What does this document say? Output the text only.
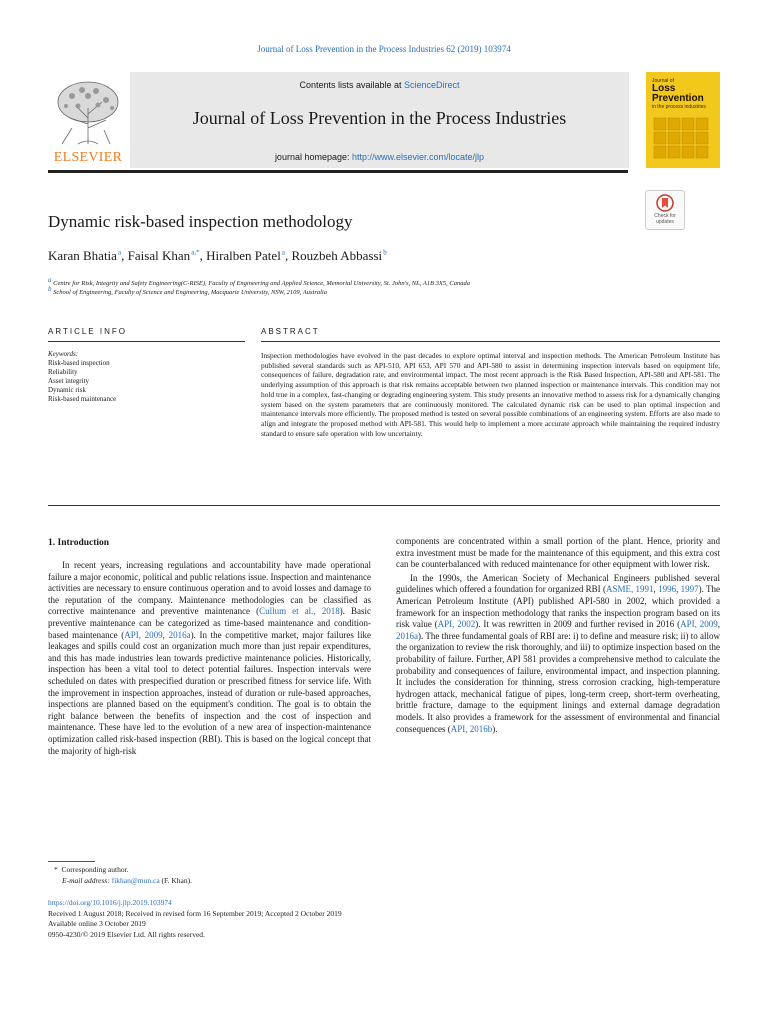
Journal of Loss Prevention in the Process Industries 62 (2019) 103974
ELSEVIER
Contents lists available at ScienceDirect
Journal of Loss Prevention in the Process Industries
journal homepage: http://www.elsevier.com/locate/jlp
Journal of
Loss Prevention
in the process industries
Check for updates
Dynamic risk-based inspection methodology
Karan Bhatia $^a$, Faisal Khan $^{a,*}$, Hiralben Patel $^a$, Rouzbeh Abbassi $^b$
$^a$ Centre for Risk, Integrity and Safety Engineering(C-RISE), Faculty of Engineering and Applied Science, Memorial University, St. John's, NL, A1B 3X5, Canada
$^b$ School of Engineering, Faculty of Science and Engineering, Macquarie University, NSW, 2109, Australia
ARTICLE INFO	ABSTRACT
Keywords:
Risk-based inspection
Reliability
Asset integrity
Dynamic risk
Risk-based maintenance
Inspection methodologies have evolved in the past decades to explore optimal interval and inspection methods. The American Petroleum Institute has published several standards such as API-510, API 653, API 570 and API-580 to assist in determining inspection intervals based on equipment life, consequences of failure, degradation rate, and environmental impact. The most recent approach is the Risk Based Inspection, API-580 and API-581. The underlying assumption of this approach is that risk remains acceptable between two planned inspection or maintenance intervals. This condition may not hold true in a complex, fast-changing or degrading engineering system. This study presents an innovative method to assess risk for a dynamically changing system based on the system parameters that are continuously monitored. The calculated dynamic risk can be used to plan optimal inspection and maintenance intervals more efficiently. The proposed method is tested on several possible combinations of an engineering system. Efforts are also made to align and integrate the proposed method with API-581. This would help to implement a more accurate approach while maintaining the required industry standard to ensure safe operation with low uncertainty.
1. Introduction

In recent years, increasing regulations and accountability have made operational failure a major economic, political and public relations issue. Inspection and maintenance activities are necessary to ensure continuous operation and to avoid losses and damage to the reputation of the company. Maintenance methodologies can be classified as corrective maintenance and preventive maintenance (Cullum et al., 2018). Basic preventive maintenance can be categorized as time-based maintenance and condition-based maintenance (API, 2009, 2016a). In the competitive market, major failures like leakages and spills could cost an organization much more than just repair expenditures, and this has made industries lean towards predictive maintenance policies. Historically, inspection has been a vital tool to detect potential failures. Inspection intervals were scheduled on dates with prespecified duration or prescribed fitness for service life. With the improvement in inspection approaches, instead of duration or rule-based approaches, inspections are planned based on the equipment's condition. The goal is to obtain the right balance between the benefits of inspection and the cost of inspection and maintenance. These have led to the evolution of a new area of inspection-maintenance optimization called risk-based inspection (RBI). This is based on the logical concept that the majority of high-risk

components are concentrated within a small portion of the plant. Hence, priority and extra investment must be made for the maintenance of this equipment, and this extra cost can be counterbalanced with reduced maintenance for other equipment with lower risk.

In the 1990s, the American Society of Mechanical Engineers published several guidelines which offered a foundation for organized RBI (ASME, 1991, 1996, 1997). The American Petroleum Institute (API) published API-580 in 2002, which provided a framework for an inspection methodology that ranks the inspection program based on its risk value (API, 2002). It was rewritten in 2009 and further revised in 2016 (API, 2009, 2016a). The three fundamental goals of RBI are: i) to define and measure risk; ii) to allow the organization to review the risk thoroughly, and iii) to optimize inspection based on the probability of failure. Further, API 581 provides a comprehensive method to calculate the probability and consequences of failure, environmental impact, and inspection planning. It includes the consideration for thinning, stress corrosion cracking, high-temperature hydrogen attack, mechanical fatigue of pipes, long-term creep, short-term overheating, brittle fracture, damage to the equipment linings and external damage degradation models. It also provides a framework for the assessment of environmental and financial consequences (API, 2016b).

* Corresponding author.
E-mail address: fikhan@mun.ca (F. Khan).
https://doi.org/10.1016/j.jlp.2019.103974
Received 1 August 2018; Received in revised form 16 September 2019; Accepted 2 October 2019
Available online 3 October 2019
0950-4230/© 2019 Elsevier Ltd. All rights reserved.
